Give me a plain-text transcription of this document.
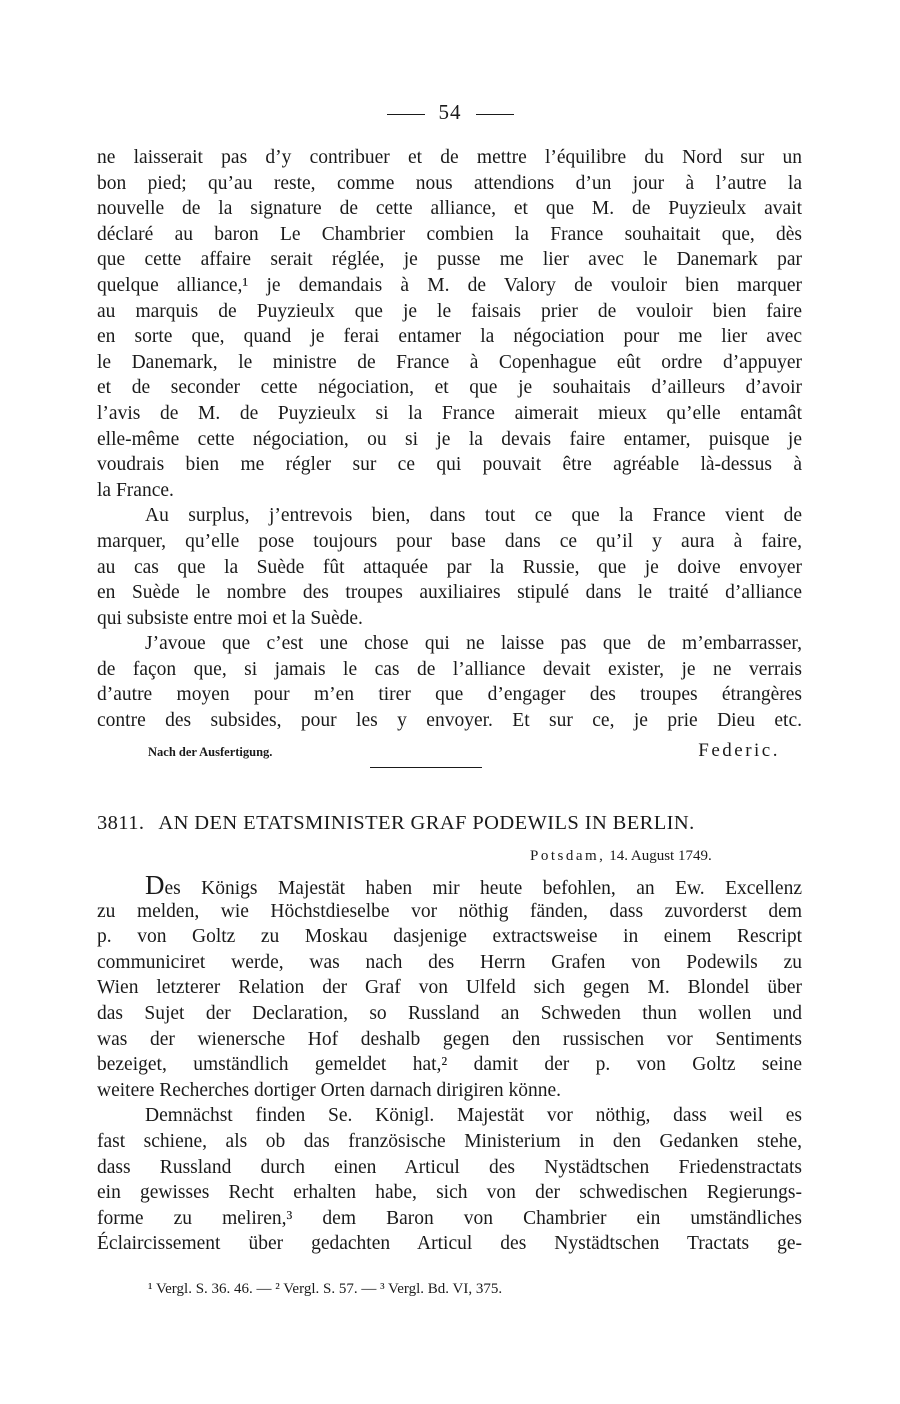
54
ne laisserait pas d’y contribuer et de mettre l’équilibre du Nord sur un
bon pied; qu’au reste, comme nous attendions d’un jour à l’autre la
nouvelle de la signature de cette alliance, et que M. de Puyzieulx avait
déclaré au baron Le Chambrier combien la France souhaitait que, dès
que cette affaire serait réglée, je pusse me lier avec le Danemark par
quelque alliance,¹ je demandais à M. de Valory de vouloir bien marquer
au marquis de Puyzieulx que je le faisais prier de vouloir bien faire
en sorte que, quand je ferai entamer la négociation pour me lier avec
le Danemark, le ministre de France à Copenhague eût ordre d’appuyer
et de seconder cette négociation, et que je souhaitais d’ailleurs d’avoir
l’avis de M. de Puyzieulx si la France aimerait mieux qu’elle entamât
elle-même cette négociation, ou si je la devais faire entamer, puisque je
voudrais bien me régler sur ce qui pouvait être agréable là-dessus à
la France.
Au surplus, j’entrevois bien, dans tout ce que la France vient de
marquer, qu’elle pose toujours pour base dans ce qu’il y aura à faire,
au cas que la Suède fût attaquée par la Russie, que je doive envoyer
en Suède le nombre des troupes auxiliaires stipulé dans le traité d’alliance
qui subsiste entre moi et la Suède.
J’avoue que c’est une chose qui ne laisse pas que de m’embarrasser,
de façon que, si jamais le cas de l’alliance devait exister, je ne verrais
d’autre moyen pour m’en tirer que d’engager des troupes étrangères
contre des subsides, pour les y envoyer. Et sur ce, je prie Dieu etc.
Nach der Ausfertigung.	Federic.
3811. AN DEN ETATSMINISTER GRAF PODEWILS IN BERLIN.
Potsdam, 14. August 1749.
Des Königs Majestät haben mir heute befohlen, an Ew. Excellenz
zu melden, wie Höchstdieselbe vor nöthig fänden, dass zuvorderst dem
p. von Goltz zu Moskau dasjenige extractsweise in einem Rescript
communiciret werde, was nach des Herrn Grafen von Podewils zu
Wien letzterer Relation der Graf von Ulfeld sich gegen M. Blondel über
das Sujet der Declaration, so Russland an Schweden thun wollen und
was der wienersche Hof deshalb gegen den russischen vor Sentiments
bezeiget, umständlich gemeldet hat,² damit der p. von Goltz seine
weitere Recherches dortiger Orten darnach dirigiren könne.
Demnächst finden Se. Königl. Majestät vor nöthig, dass weil es
fast schiene, als ob das französische Ministerium in den Gedanken stehe,
dass Russland durch einen Articul des Nystädtschen Friedenstractats
ein gewisses Recht erhalten habe, sich von der schwedischen Regierungs-
forme zu meliren,³ dem Baron von Chambrier ein umständliches
Éclaircissement über gedachten Articul des Nystädtschen Tractats ge-
¹ Vergl. S. 36. 46. — ² Vergl. S. 57. — ³ Vergl. Bd. VI, 375.
